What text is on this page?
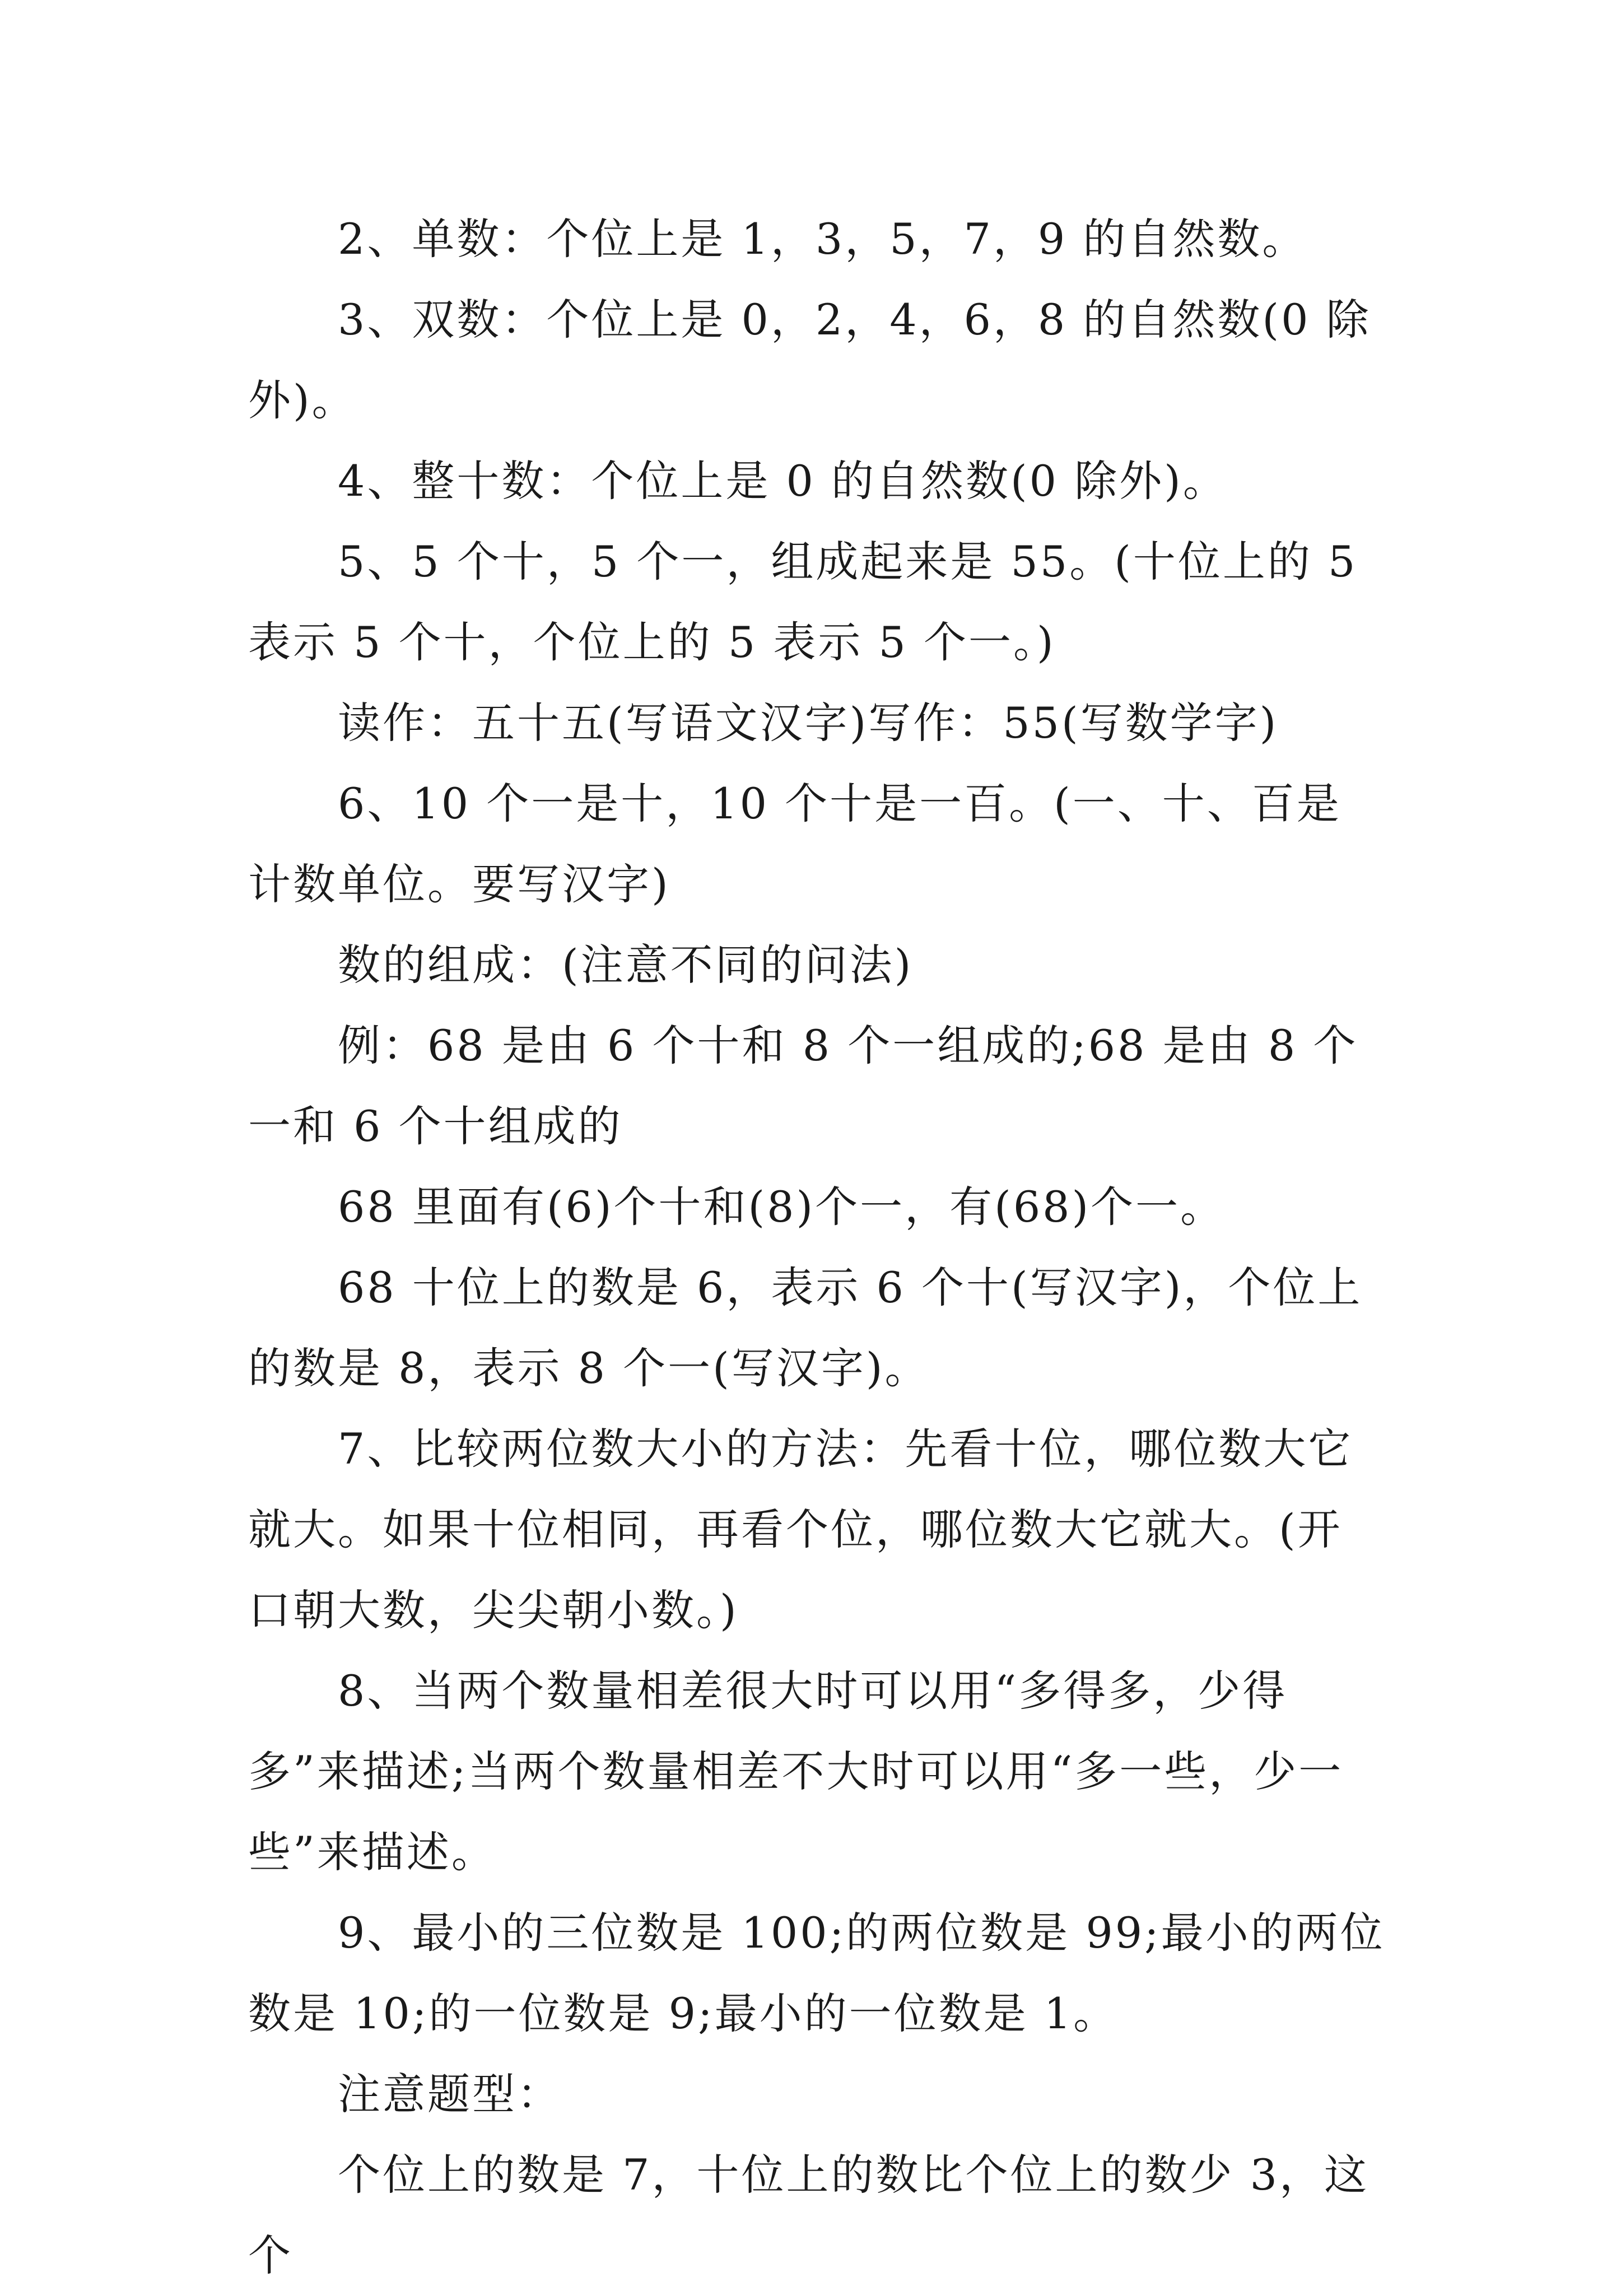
2、单数：个位上是 1，3，5，7，9 的自然数。

3、双数：个位上是 0，2，4，6，8 的自然数(0 除外)。

4、整十数：个位上是 0 的自然数(0 除外)。

5、5 个十，5 个一，组成起来是 55。(十位上的 5 表示 5 个十，个位上的 5 表示 5 个一。)

读作：五十五(写语文汉字)写作：55(写数学字)

6、10 个一是十，10 个十是一百。(一、十、百是计数单位。要写汉字)

数的组成：(注意不同的问法)

例：68 是由 6 个十和 8 个一组成的;68 是由 8 个一和 6 个十组成的

68 里面有(6)个十和(8)个一，有(68)个一。

68 十位上的数是 6，表示 6 个十(写汉字)，个位上的数是 8，表示 8 个一(写汉字)。

7、比较两位数大小的方法：先看十位，哪位数大它就大。如果十位相同，再看个位，哪位数大它就大。(开口朝大数，尖尖朝小数。)

8、当两个数量相差很大时可以用“多得多，少得多”来描述;当两个数量相差不大时可以用“多一些，少一些”来描述。

9、最小的三位数是 100;的两位数是 99;最小的两位数是 10;的一位数是 9;最小的一位数是 1。

注意题型：

个位上的数是 7，十位上的数比个位上的数少 3，这个
